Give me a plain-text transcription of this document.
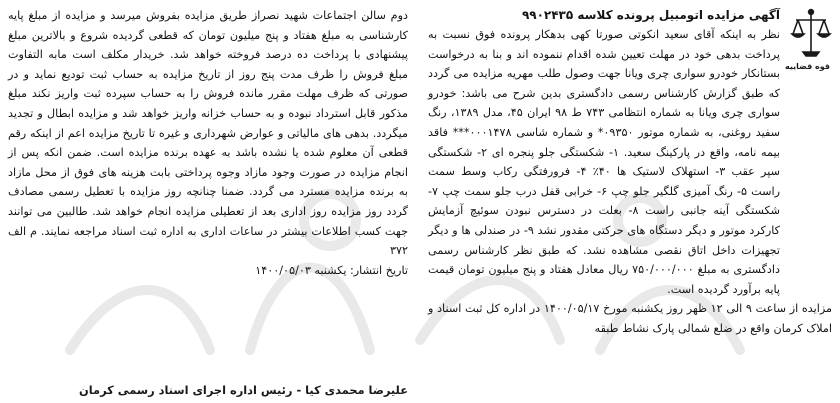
قوه قضاییه
آگهی مزایده اتومبیل پرونده کلاسه ۹۹۰۲۴۳۵

نظر به اینکه آقای سعید انکوتی صورتا کهی بدهکار پرونده فوق نسبت به پرداخت بدهی خود در مهلت تعیین شده اقدام ننموده اند و بنا به درخواست بستانکار خودرو سواری چری ویانا جهت وصول طلب مهریه مزایده می گردد که طبق گزارش کارشناس رسمی دادگستری بدین شرح می باشد: خودرو سواری چری ویانا به شماره انتظامی ۷۴۳ ط ۹۸ ایران ۴۵، مدل ۱۳۸۹، رنگ سفید روغنی، به شماره موتور ۰۹۳۵۰* و شماره شاسی ۰۰۰۱۴۷۸*** فاقد بیمه نامه، واقع در پارکینگ سعید. ۱- شکستگی جلو پنجره ای ۲- شکستگی سپر عقب ۳- استهلاک لاستیک ها ۴۰٪ ۴- فرورفتگی رکاب وسط سمت راست ۵- رنگ آمیزی گلگیر جلو چپ ۶- خرابی قفل درب جلو سمت چپ ۷- شکستگی آینه جانبی راست ۸- بعلت در دسترس نبودن سوئیچ آزمایش کارکرد موتور و دیگر دستگاه های حرکتی مقدور نشد ۹- در صندلی ها و دیگر تجهیزات داخل اتاق نقصی مشاهده نشد. که طبق نظر کارشناس رسمی دادگستری به مبلغ ۷۵۰/۰۰۰/۰۰۰ ریال معادل هفتاد و پنج میلیون تومان قیمت پایه برآورد گردیده است.

مزایده از ساعت ۹ الی ۱۲ ظهر روز یکشنبه مورخ ۱۴۰۰/۰۵/۱۷ در اداره کل ثبت اسناد و املاک کرمان واقع در ضلع شمالی پارک نشاط طبقه

دوم سالن اجتماعات شهید نصراز طریق مزایده بفروش میرسد و مزایده از مبلغ پایه کارشناسی به مبلغ هفتاد و پنج میلیون تومان که قطعی گردیده شروع و بالاترین مبلغ پیشنهادی با پرداخت ده درصد فروخته خواهد شد. خریدار مکلف است مابه التفاوت مبلغ فروش را ظرف مدت پنج روز از تاریخ مزایده به حساب ثبت تودیع نماید و در صورتی که ظرف مهلت مقرر مانده فروش را به حساب سپرده ثبت واریز نکند مبلغ مذکور قابل استرداد نبوده و به حساب خزانه واریز خواهد شد و مزایده ابطال و تجدید میگردد. بدهی های مالیاتی و عوارض شهرداری و غیره تا تاریخ مزایده اعم از اینکه رقم قطعی آن معلوم شده یا نشده باشد به عهده برنده مزایده است. ضمن انکه پس از انجام مزایده در صورت وجود مازاد وجوه پرداختی بابت هزینه های فوق از محل مازاد به برنده مزایده مسترد می گردد. ضمنا چنانچه روز مزایده با تعطیل رسمی مصادف گردد روز مزایده روز اداری بعد از تعطیلی مزایده انجام خواهد شد. طالبین می توانند جهت کسب اطلاعات بیشتر در ساعات اداری به اداره ثبت اسناد مراجعه نمایند. م الف ۳۷۲

تاریخ انتشار: یکشنبه ۱۴۰۰/۰۵/۰۳

علیرضا محمدی کیا - رئیس اداره اجرای اسناد رسمی کرمان
